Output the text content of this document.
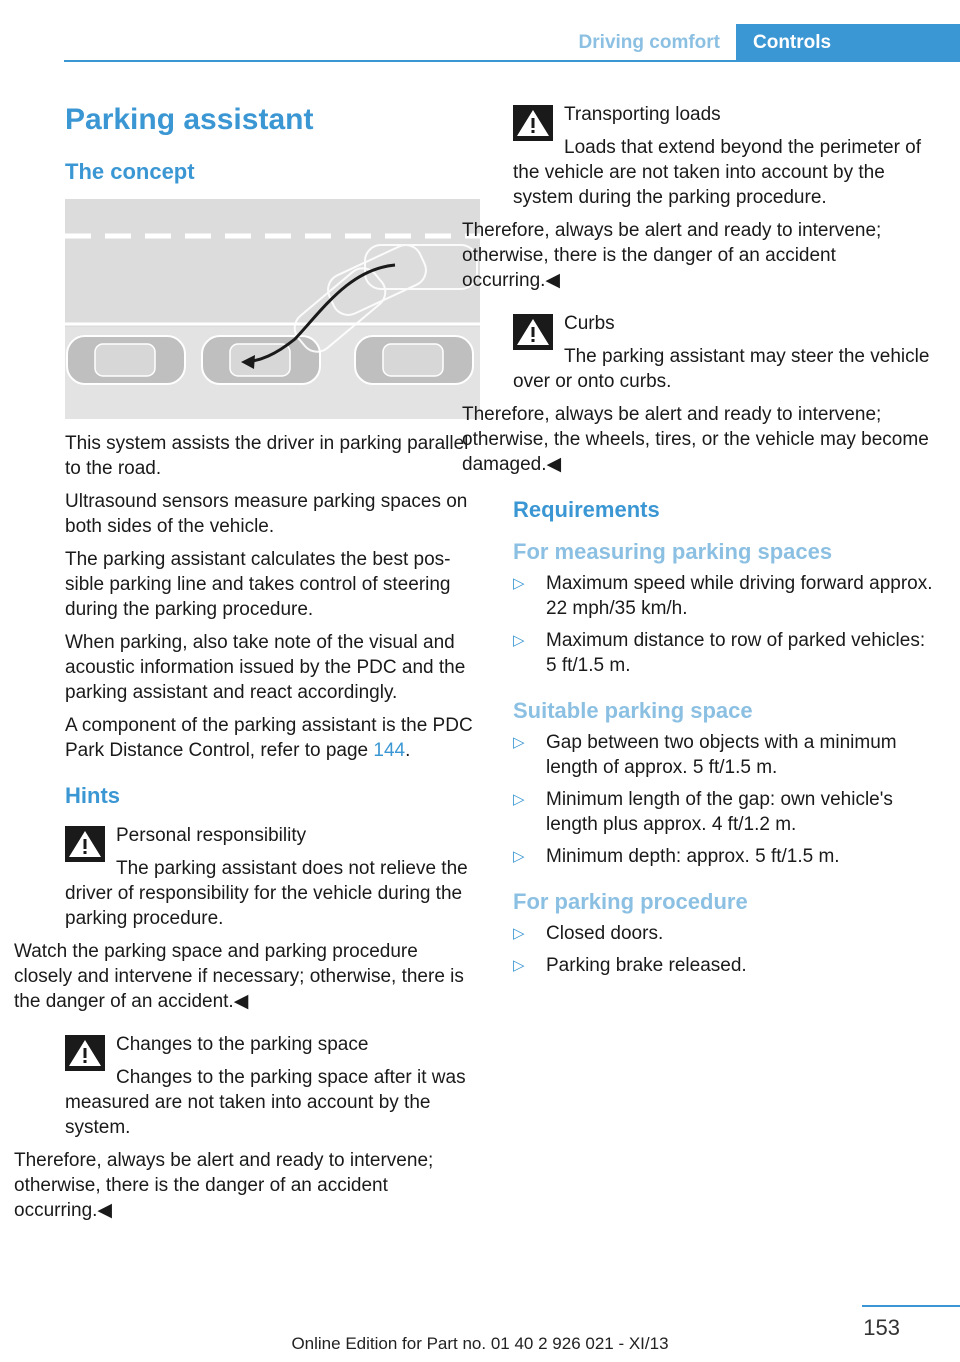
Driving comfort	Controls
Parking assistant
The concept

This system assists the driver in parking parallel to the road.

Ultrasound sensors measure parking spaces on both sides of the vehicle.

The parking assistant calculates the best possible parking line and takes control of steering during the parking procedure.

When parking, also take note of the visual and acoustic information issued by the PDC and the parking assistant and react accordingly.

A component of the parking assistant is the PDC Park Distance Control, refer to page 144.

Hints

Personal responsibility

The parking assistant does not relieve the driver of responsibility for the vehicle during the parking procedure.

Watch the parking space and parking procedure closely and intervene if necessary; otherwise, there is the danger of an accident.◀

Changes to the parking space

Changes to the parking space after it was measured are not taken into account by the system.

Therefore, always be alert and ready to intervene; otherwise, there is the danger of an accident occurring.◀

Transporting loads

Loads that extend beyond the perimeter of the vehicle are not taken into account by the system during the parking procedure.

Therefore, always be alert and ready to intervene; otherwise, there is the danger of an accident occurring.◀

Curbs

The parking assistant may steer the vehicle over or onto curbs.

Therefore, always be alert and ready to intervene; otherwise, the wheels, tires, or the vehicle may become damaged.◀

Requirements
For measuring parking spaces
▷ Maximum speed while driving forward approx. 22 mph/35 km/h.
▷ Maximum distance to row of parked vehicles: 5 ft/1.5 m.
Suitable parking space
▷ Gap between two objects with a minimum length of approx. 5 ft/1.5 m.
▷ Minimum length of the gap: own vehicle's length plus approx. 4 ft/1.2 m.
▷ Minimum depth: approx. 5 ft/1.5 m.
For parking procedure
▷ Closed doors.
▷ Parking brake released.
153
Online Edition for Part no. 01 40 2 926 021 - XI/13
